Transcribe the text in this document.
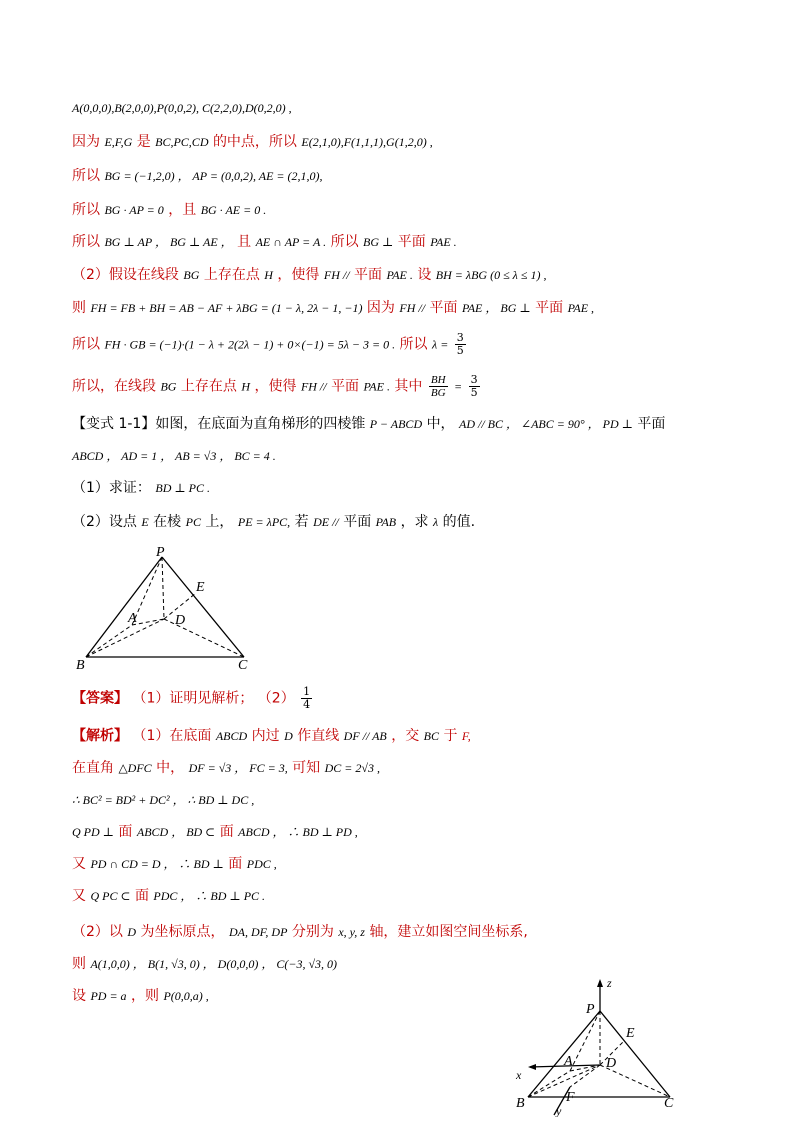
A(0,0,0),B(2,0,0),P(0,0,2), C(2,2,0),D(0,2,0) ,
因为 E,F,G 是 BC,PC,CD 的中点，所以 E(2,1,0),F(1,1,1),G(1,2,0) ,
所以 BG = (−1,2,0) ， AP = (0,0,2), AE = (2,1,0),
所以 BG · AP = 0 ，且 BG · AE = 0 .
所以 BG ⊥ AP ， BG ⊥ AE ， 且 AE ∩ AP = A . 所以 BG ⊥ 平面 PAE .
（2）假设在线段 BG 上存在点 H ，使得 FH // 平面 PAE . 设 BH = λBG (0 ≤ λ ≤ 1) ,
则 FH = FB + BH = AB − AF + λBG = (1 − λ, 2λ − 1, −1) 因为 FH // 平面 PAE ， BG ⊥ 平面 PAE ,
所以 FH · GB = (−1)·(1 − λ + 2(2λ − 1) + 0×(−1) = 5λ − 3 = 0 . 所以 $\lambda = \frac{3}{5}$
所以，在线段 BG 上存在点 H ，使得 FH // 平面 PAE . 其中 $\frac{BH}{BG} = \frac{3}{5}$
【变式 1-1】如图，在底面为直角梯形的四棱锥 P − ABCD 中， AD // BC ， ∠ABC = 90° ， PD ⊥ 平面
ABCD ， AD = 1 ， AB = √3 ， BC = 4 .
（1）求证： BD ⊥ PC .
（2）设点 E 在棱 PC 上， PE = λPC, 若 DE // 平面 PAB ，求 λ 的值.
P
E
A	D
B	C
【答案】 （1）证明见解析； $(2) \frac{1}{4}$
【解析】 （1）在底面 ABCD 内过 D 作直线 DF // AB ，交 BC 于 F,
在直角 △DFC 中， DF = √3 ， FC = 3, 可知 DC = 2√3 ,
∴ BC² = BD² + DC² ， ∴ BD ⊥ DC ,
Q PD ⊥ 面 ABCD ， BD ⊂ 面 ABCD ， ∴ BD ⊥ PD ,
又 PD ∩ CD = D ， ∴ BD ⊥ 面 PDC ,
又 Q PC ⊂ 面 PDC ， ∴ BD ⊥ PC .
（2）以 D 为坐标原点， DA, DF, DP 分别为 x, y, z 轴，建立如图空间坐标系,
则 A(1,0,0) ， B(1, √3, 0) ， D(0,0,0) ， C(−3, √3, 0)
设 PD = a ，则 P(0,0,a) ,
z
P
E
A D
x
B	F
y	C
